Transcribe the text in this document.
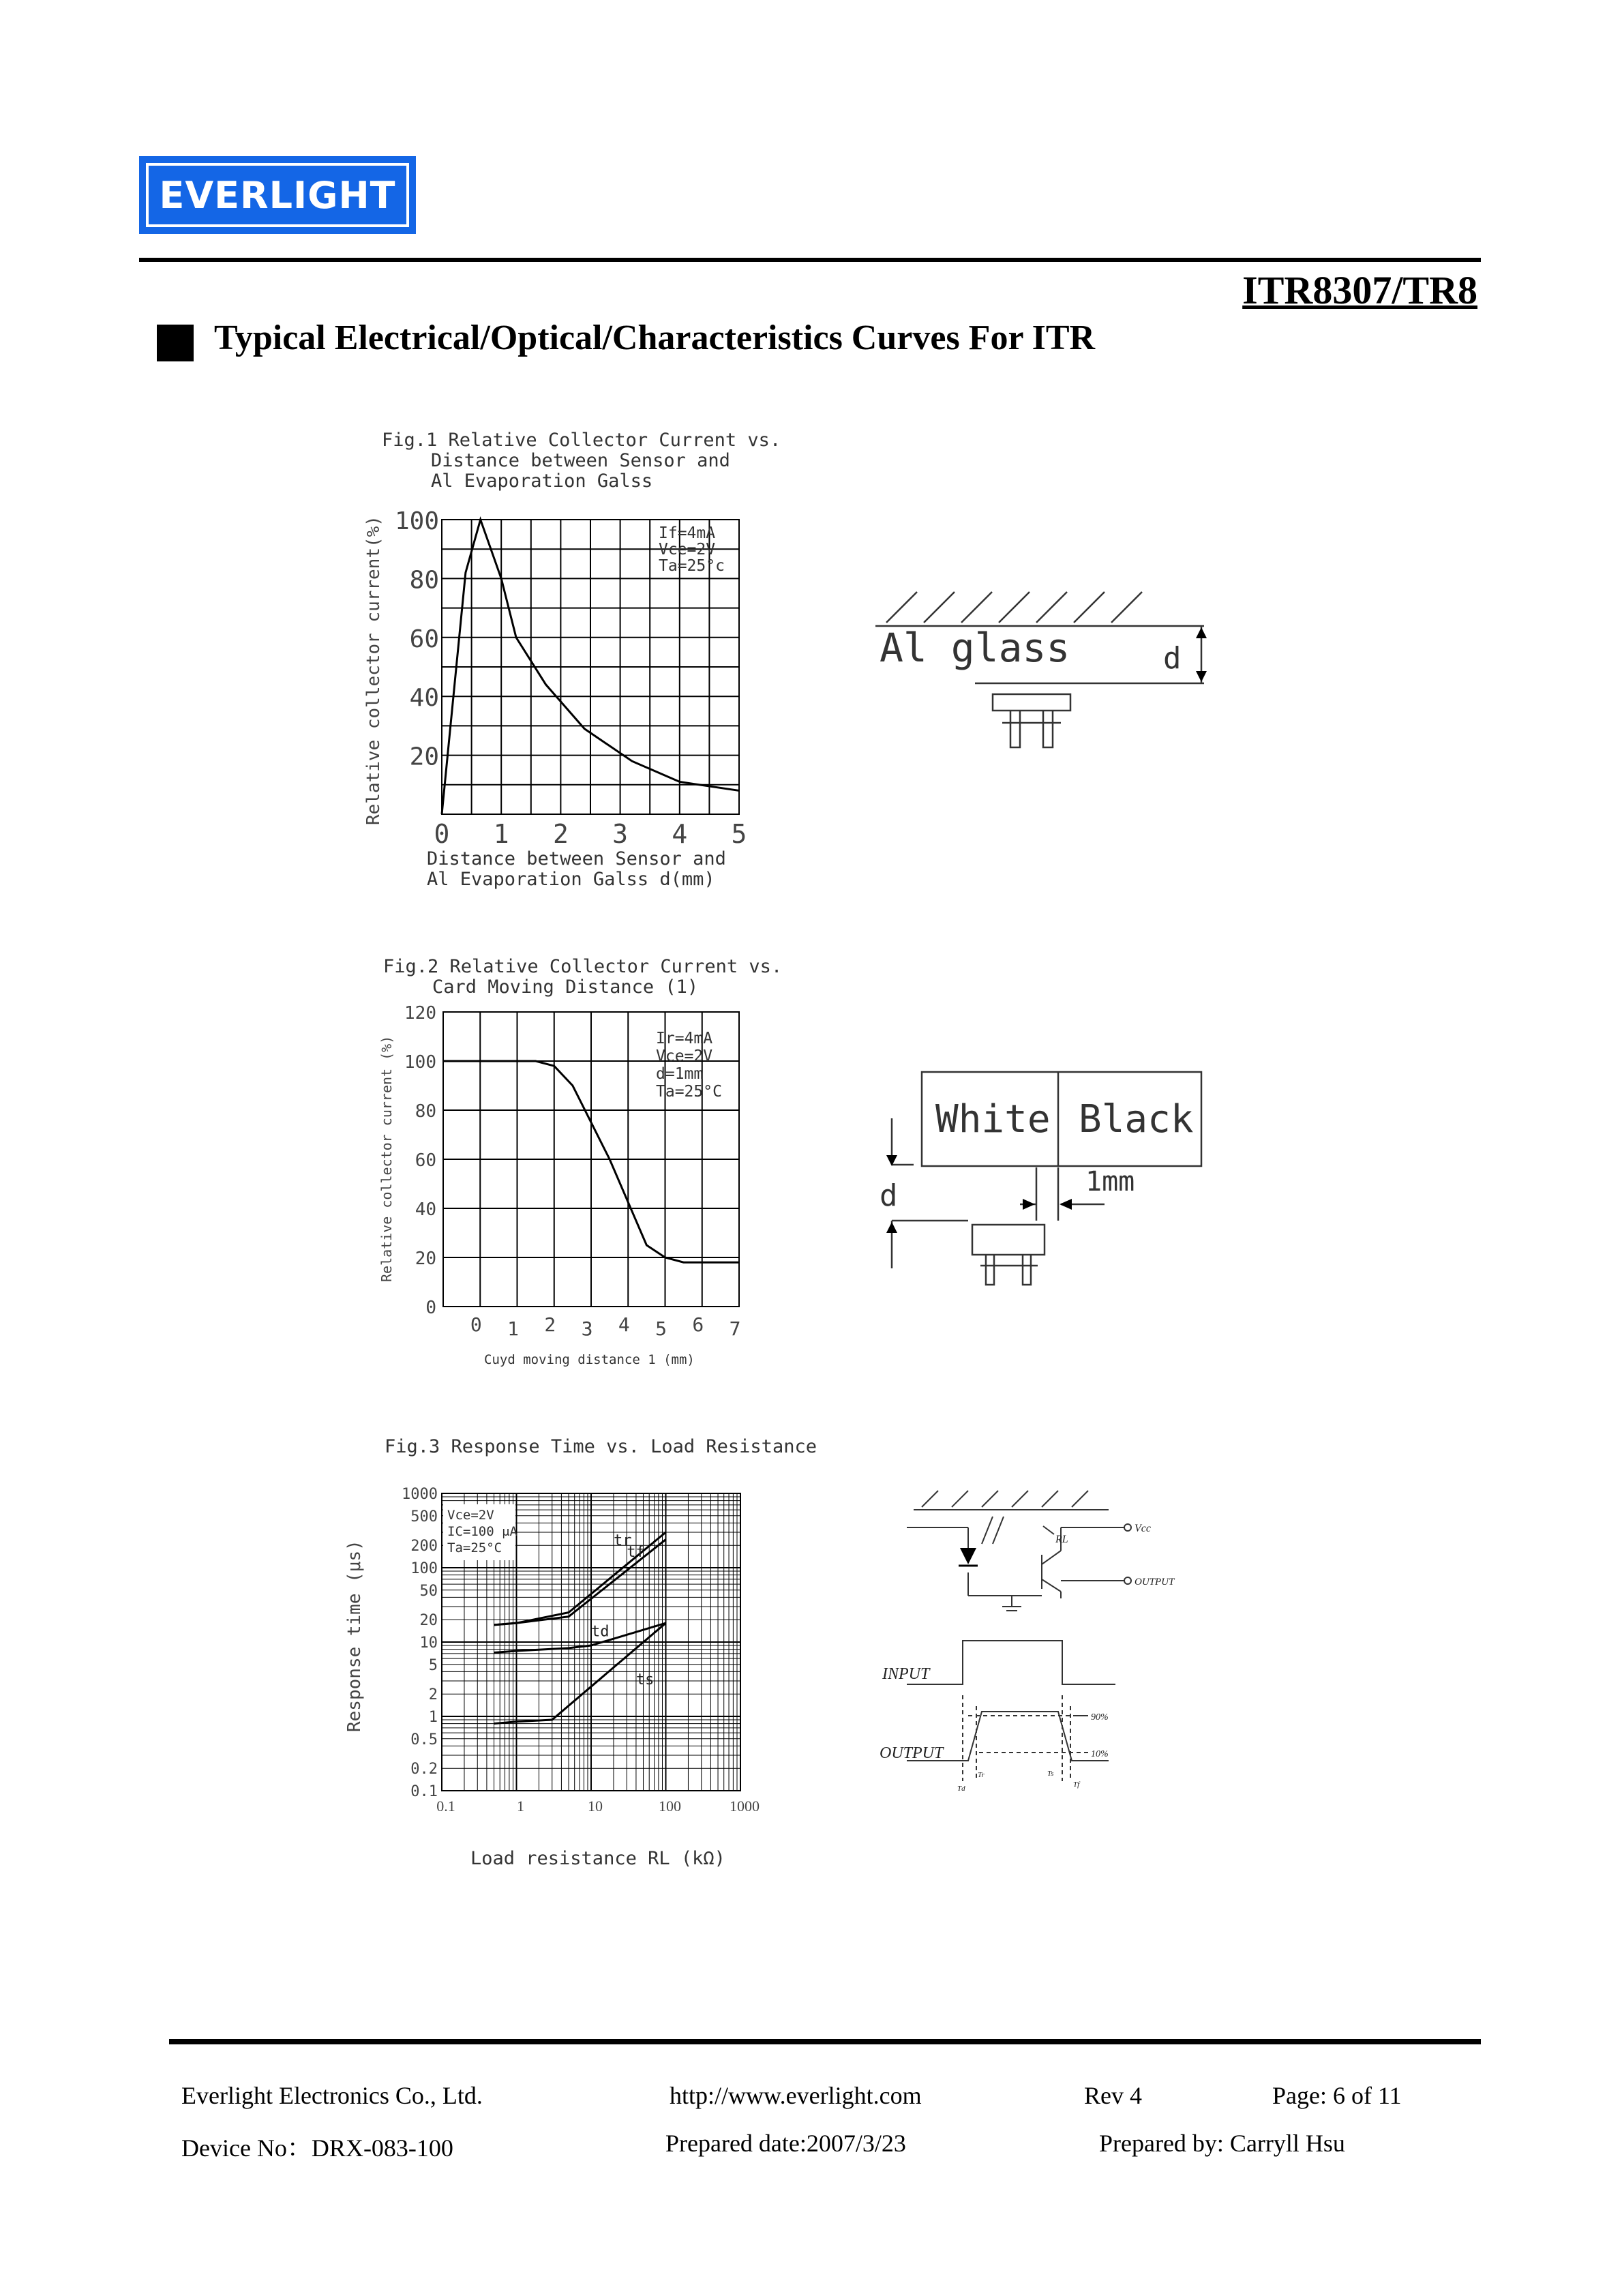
EVERLIGHT
ITR8307/TR8
Typical Electrical/Optical/Characteristics Curves For ITR
Fig.1 Relative Collector Current vs.
Distance between Sensor and
Al Evaporation Galss
20
40
60
80
100
0 1 2 3 4 5
Relative collector current(%)
Distance between Sensor and
Al Evaporation Galss d(mm)
If=4mA
Vce=2V
Ta=25°c
Al glass	d
Fig.2 Relative Collector Current vs.
Card Moving Distance (1)
0
20
40
60
80
100
120
0 1 2 3 4 5 6 7
Relative collector current (%)
Cuyd moving distance 1 (mm)
Ir=4mA
Vce=2V
d=1mm
Ta=25°C
White Black
d	1mm
Fig.3 Response Time vs. Load Resistance
1000
500
200
100
50
20
10
5
2
1
0.5
0.2
0.1
0.1	1	10	100	1000
Response time (μs)
Load resistance RL (kΩ)
Vce=2V
IC=100 μA
Ta=25°C	tr
tf
td
ts
RL
Vcc
OUTPUT
INPUT
OUTPUT
90%
10%
Tr
Td
Ts
Tf
Everlight Electronics Co., Ltd.	http://www.everlight.com	Rev 4	Page: 6 of 11
Device No：DRX-083-100	Prepared date:2007/3/23	Prepared by: Carryll Hsu
